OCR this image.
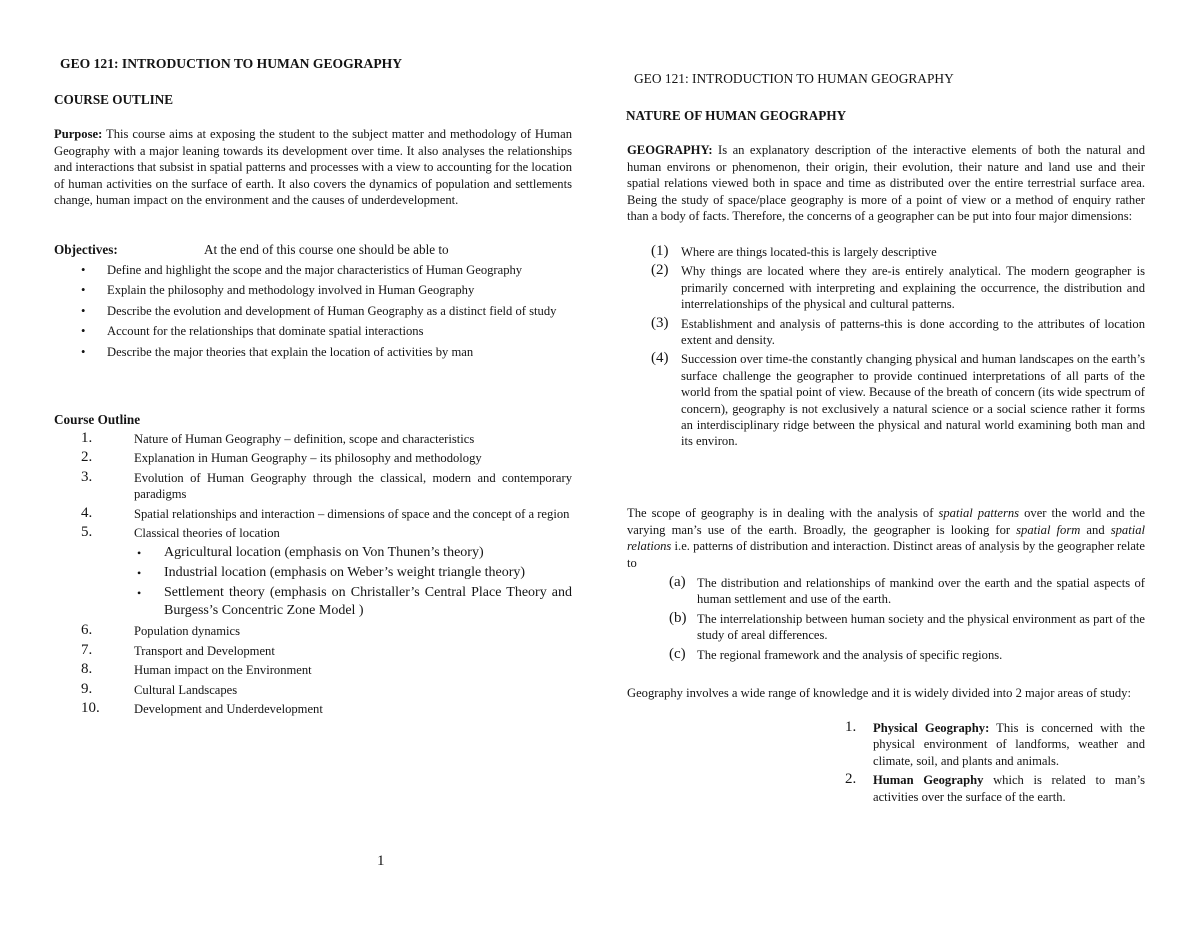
GEO 121: INTRODUCTION TO HUMAN GEOGRAPHY
COURSE OUTLINE

Purpose: This course aims at exposing the student to the subject matter and methodology of Human Geography with a major leaning towards its development over time. It also analyses the relationships and interactions that subsist in spatial patterns and processes with a view to accounting for the location of human activities on the surface of earth. It also covers the dynamics of population and settlements change, human impact on the environment and the causes of underdevelopment.

Objectives:	At the end of this course one should be able to
• Define and highlight the scope and the major characteristics of Human Geography
• Explain the philosophy and methodology involved in Human Geography
• Describe the evolution and development of Human Geography as a distinct field of study
• Account for the relationships that dominate spatial interactions
• Describe the major theories that explain the location of activities by man
Course Outline
1.	Nature of Human Geography – definition, scope and characteristics
2.	Explanation in Human Geography – its philosophy and methodology
3.	Evolution of Human Geography through the classical, modern and contemporary paradigms
4.	Spatial relationships and interaction – dimensions of space and the concept of a region
5.	Classical theories of location
• Agricultural location (emphasis on Von Thunen’s theory)
• Industrial location (emphasis on Weber’s weight triangle theory)
• Settlement theory (emphasis on Christaller’s Central Place Theory and Burgess’s Concentric Zone Model )
6.	Population dynamics
7.	Transport and Development
8.	Human impact on the Environment
9.	Cultural Landscapes
10.	Development and Underdevelopment
1
GEO 121: INTRODUCTION TO HUMAN GEOGRAPHY
NATURE OF HUMAN GEOGRAPHY

GEOGRAPHY: Is an explanatory description of the interactive elements of both the natural and human environs or phenomenon, their origin, their evolution, their nature and land use and their spatial relations viewed both in space and time as distributed over the entire terrestrial surface area. Being the study of space/place geography is more of a point of view or a method of enquiry rather than a body of facts. Therefore, the concerns of a geographer can be put into four major dimensions:

(1) Where are things located-this is largely descriptive
(2) Why things are located where they are-is entirely analytical. The modern geographer is primarily concerned with interpreting and explaining the occurrence, the distribution and interrelationships of the physical and cultural patterns.
(3) Establishment and analysis of patterns-this is done according to the attributes of location extent and density.
(4) Succession over time-the constantly changing physical and human landscapes on the earth’s surface challenge the geographer to provide continued interpretations of all parts of the world from the spatial point of view. Because of the breath of concern (its wide spectrum of concern), geography is not exclusively a natural science or a social science rather it forms an interdisciplinary ridge between the physical and natural world examining both man and its environ.

The scope of geography is in dealing with the analysis of spatial patterns over the world and the varying man’s use of the earth. Broadly, the geographer is looking for spatial form and spatial relations i.e. patterns of distribution and interaction. Distinct areas of analysis by the geographer relate to

(a) The distribution and relationships of mankind over the earth and the spatial aspects of human settlement and use of the earth.
(b) The interrelationship between human society and the physical environment as part of the study of areal differences.
(c) The regional framework and the analysis of specific regions.

Geography involves a wide range of knowledge and it is widely divided into 2 major areas of study:

1. Physical Geography: This is concerned with the physical environment of landforms, weather and climate, soil, and plants and animals.
2. Human Geography which is related to man’s activities over the surface of the earth.
